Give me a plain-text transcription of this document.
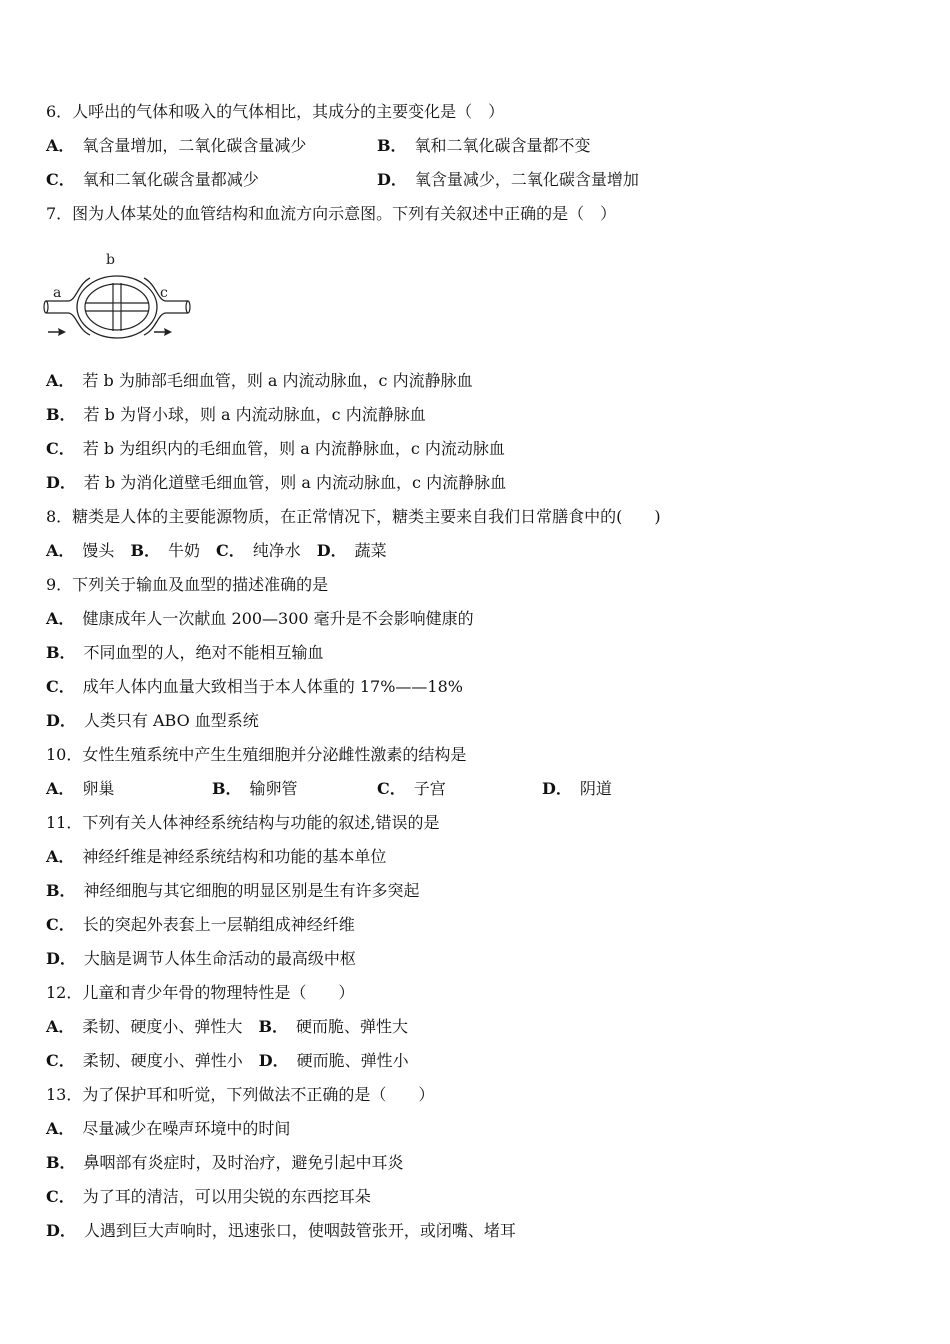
6．人呼出的气体和吸入的气体相比，其成分的主要变化是（　）
A． 氧含量增加，二氧化碳含量减少	B． 氧和二氧化碳含量都不变
C． 氧和二氧化碳含量都减少	D． 氧含量减少，二氧化碳含量增加
7．图为人体某处的血管结构和血流方向示意图。下列有关叙述中正确的是（　）
b
a	c
A． 若 b 为肺部毛细血管，则 a 内流动脉血，c 内流静脉血
B． 若 b 为肾小球，则 a 内流动脉血，c 内流静脉血
C． 若 b 为组织内的毛细血管，则 a 内流静脉血，c 内流动脉血
D． 若 b 为消化道壁毛细血管，则 a 内流动脉血，c 内流静脉血
8．糖类是人体的主要能源物质，在正常情况下，糖类主要来自我们日常膳食中的(　　)
A． 馒头 B． 牛奶 C． 纯净水 D． 蔬菜
9．下列关于输血及血型的描述准确的是
A． 健康成年人一次献血 200—300 毫升是不会影响健康的
B． 不同血型的人，绝对不能相互输血
C． 成年人体内血量大致相当于本人体重的 17%——18%
D． 人类只有 ABO 血型系统
10．女性生殖系统中产生生殖细胞并分泌雌性激素的结构是
A． 卵巢	B． 输卵管	C． 子宫	D． 阴道
11．下列有关人体神经系统结构与功能的叙述,错误的是
A． 神经纤维是神经系统结构和功能的基本单位
B． 神经细胞与其它细胞的明显区别是生有许多突起
C． 长的突起外表套上一层鞘组成神经纤维
D． 大脑是调节人体生命活动的最高级中枢
12．儿童和青少年骨的物理特性是（　　）
A． 柔韧、硬度小、弹性大 B． 硬而脆、弹性大
C． 柔韧、硬度小、弹性小 D． 硬而脆、弹性小
13．为了保护耳和听觉，下列做法不正确的是（　　）
A． 尽量减少在噪声环境中的时间
B． 鼻咽部有炎症时，及时治疗，避免引起中耳炎
C． 为了耳的清洁，可以用尖锐的东西挖耳朵
D． 人遇到巨大声响时，迅速张口，使咽鼓管张开，或闭嘴、堵耳
